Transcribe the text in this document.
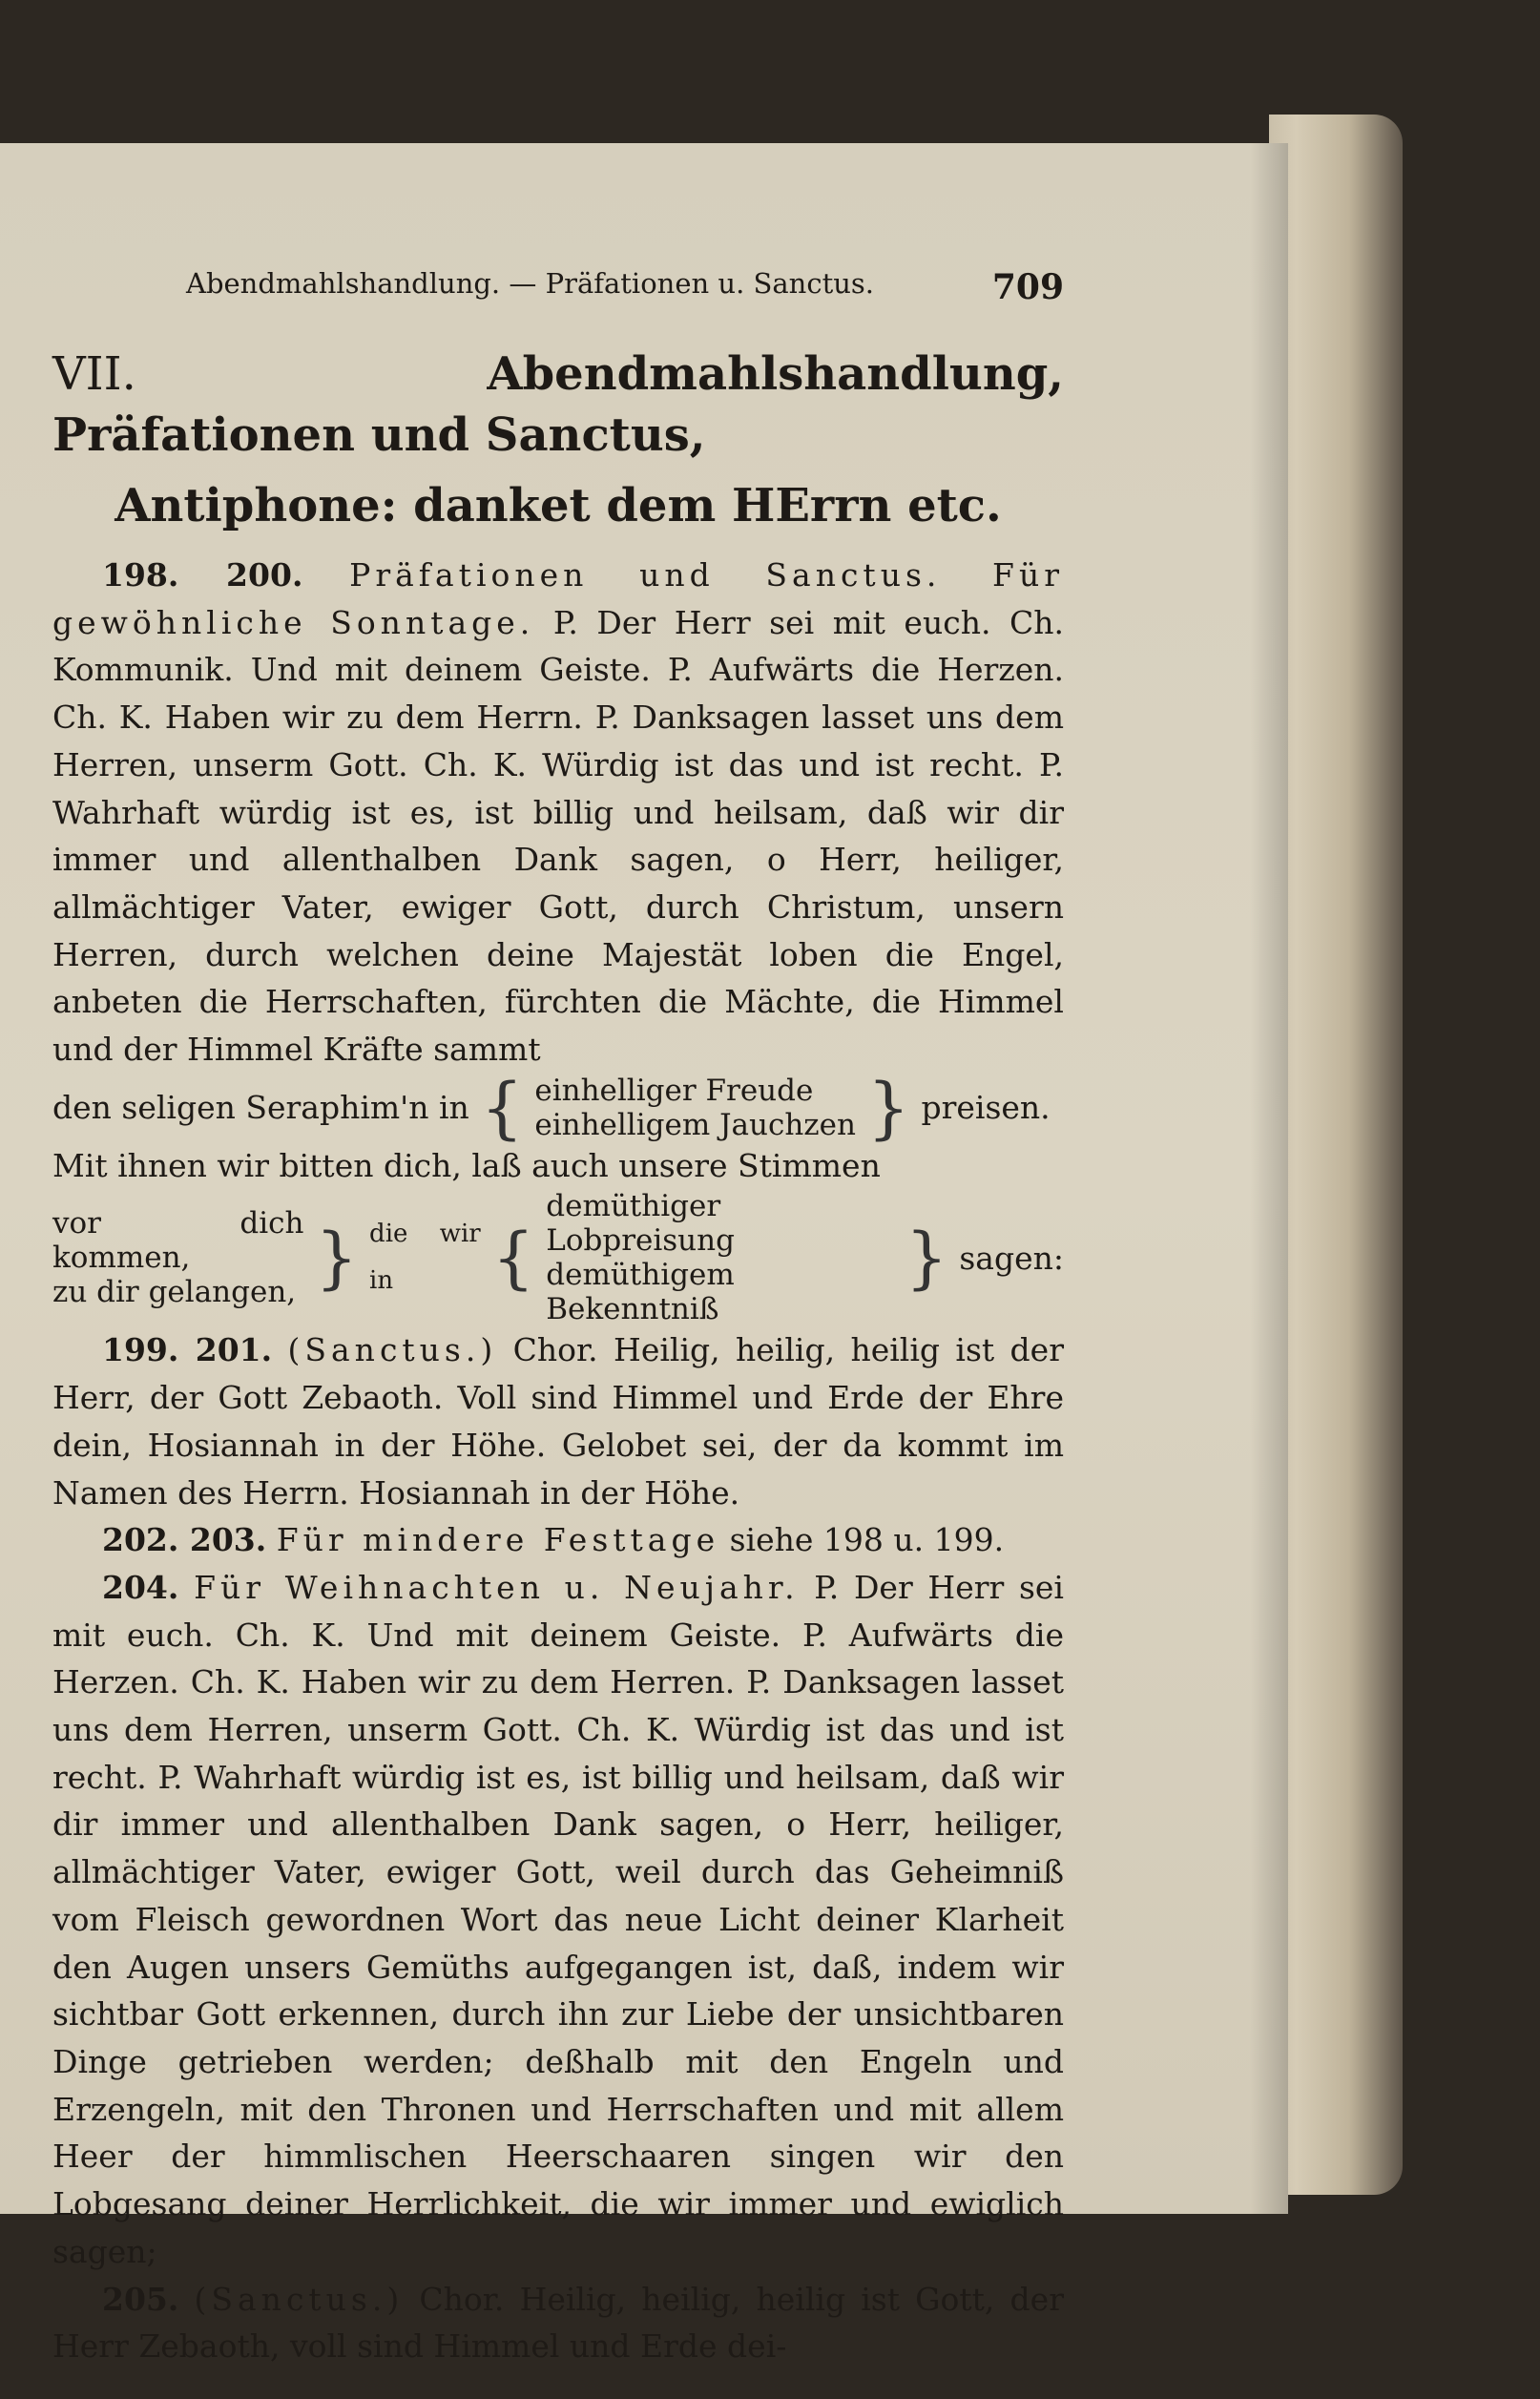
Abendmahlshandlung. — Präfationen u. Sanctus.	709
VII.	Abendmahlshandlung, Präfationen und Sanctus,
Antiphone: danket dem HErrn etc.

198. 200. Präfationen und Sanctus. Für gewöhnliche Sonntage. P. Der Herr sei mit euch. Ch. Kommunik. Und mit deinem Geiste. P. Aufwärts die Herzen. Ch. K. Haben wir zu dem Herrn. P. Danksagen lasset uns dem Herren, unserm Gott. Ch. K. Würdig ist das und ist recht. P. Wahrhaft würdig ist es, ist billig und heilsam, daß wir dir immer und allenthalben Dank sagen, o Herr, heiliger, allmächtiger Vater, ewiger Gott, durch Christum, unsern Herren, durch welchen deine Majestät loben die Engel, anbeten die Herrschaften, fürchten die Mächte, die Himmel und der Himmel Kräfte sammt

den seligen Seraphim'n in { einhelliger Freude
einhelligem Jauchzen } preisen.

Mit ihnen wir bitten dich, laß auch unsere Stimmen

vor dich kommen,
zu dir gelangen, } die wir in	{
demüthiger Lobpreisung
demüthigem Bekenntniß
} sagen:

199. 201. (Sanctus.) Chor. Heilig, heilig, heilig ist der Herr, der Gott Zebaoth. Voll sind Himmel und Erde der Ehre dein, Hosiannah in der Höhe. Gelobet sei, der da kommt im Namen des Herrn. Hosiannah in der Höhe.

202. 203. Für mindere Festtage siehe 198 u. 199.

204. Für Weihnachten u. Neujahr. P. Der Herr sei mit euch. Ch. K. Und mit deinem Geiste. P. Aufwärts die Herzen. Ch. K. Haben wir zu dem Herren. P. Danksagen lasset uns dem Herren, unserm Gott. Ch. K. Würdig ist das und ist recht. P. Wahrhaft würdig ist es, ist billig und heilsam, daß wir dir immer und allenthalben Dank sagen, o Herr, heiliger, allmächtiger Vater, ewiger Gott, weil durch das Geheimniß vom Fleisch gewordnen Wort das neue Licht deiner Klarheit den Augen unsers Gemüths aufgegangen ist, daß, indem wir sichtbar Gott erkennen, durch ihn zur Liebe der unsichtbaren Dinge getrieben werden; deßhalb mit den Engeln und Erzengeln, mit den Thronen und Herrschaften und mit allem Heer der himmlischen Heerschaaren singen wir den Lobgesang deiner Herrlichkeit, die wir immer und ewiglich sagen;

205. (Sanctus.) Chor. Heilig, heilig, heilig ist Gott, der Herr Zebaoth, voll sind Himmel und Erde dei-
